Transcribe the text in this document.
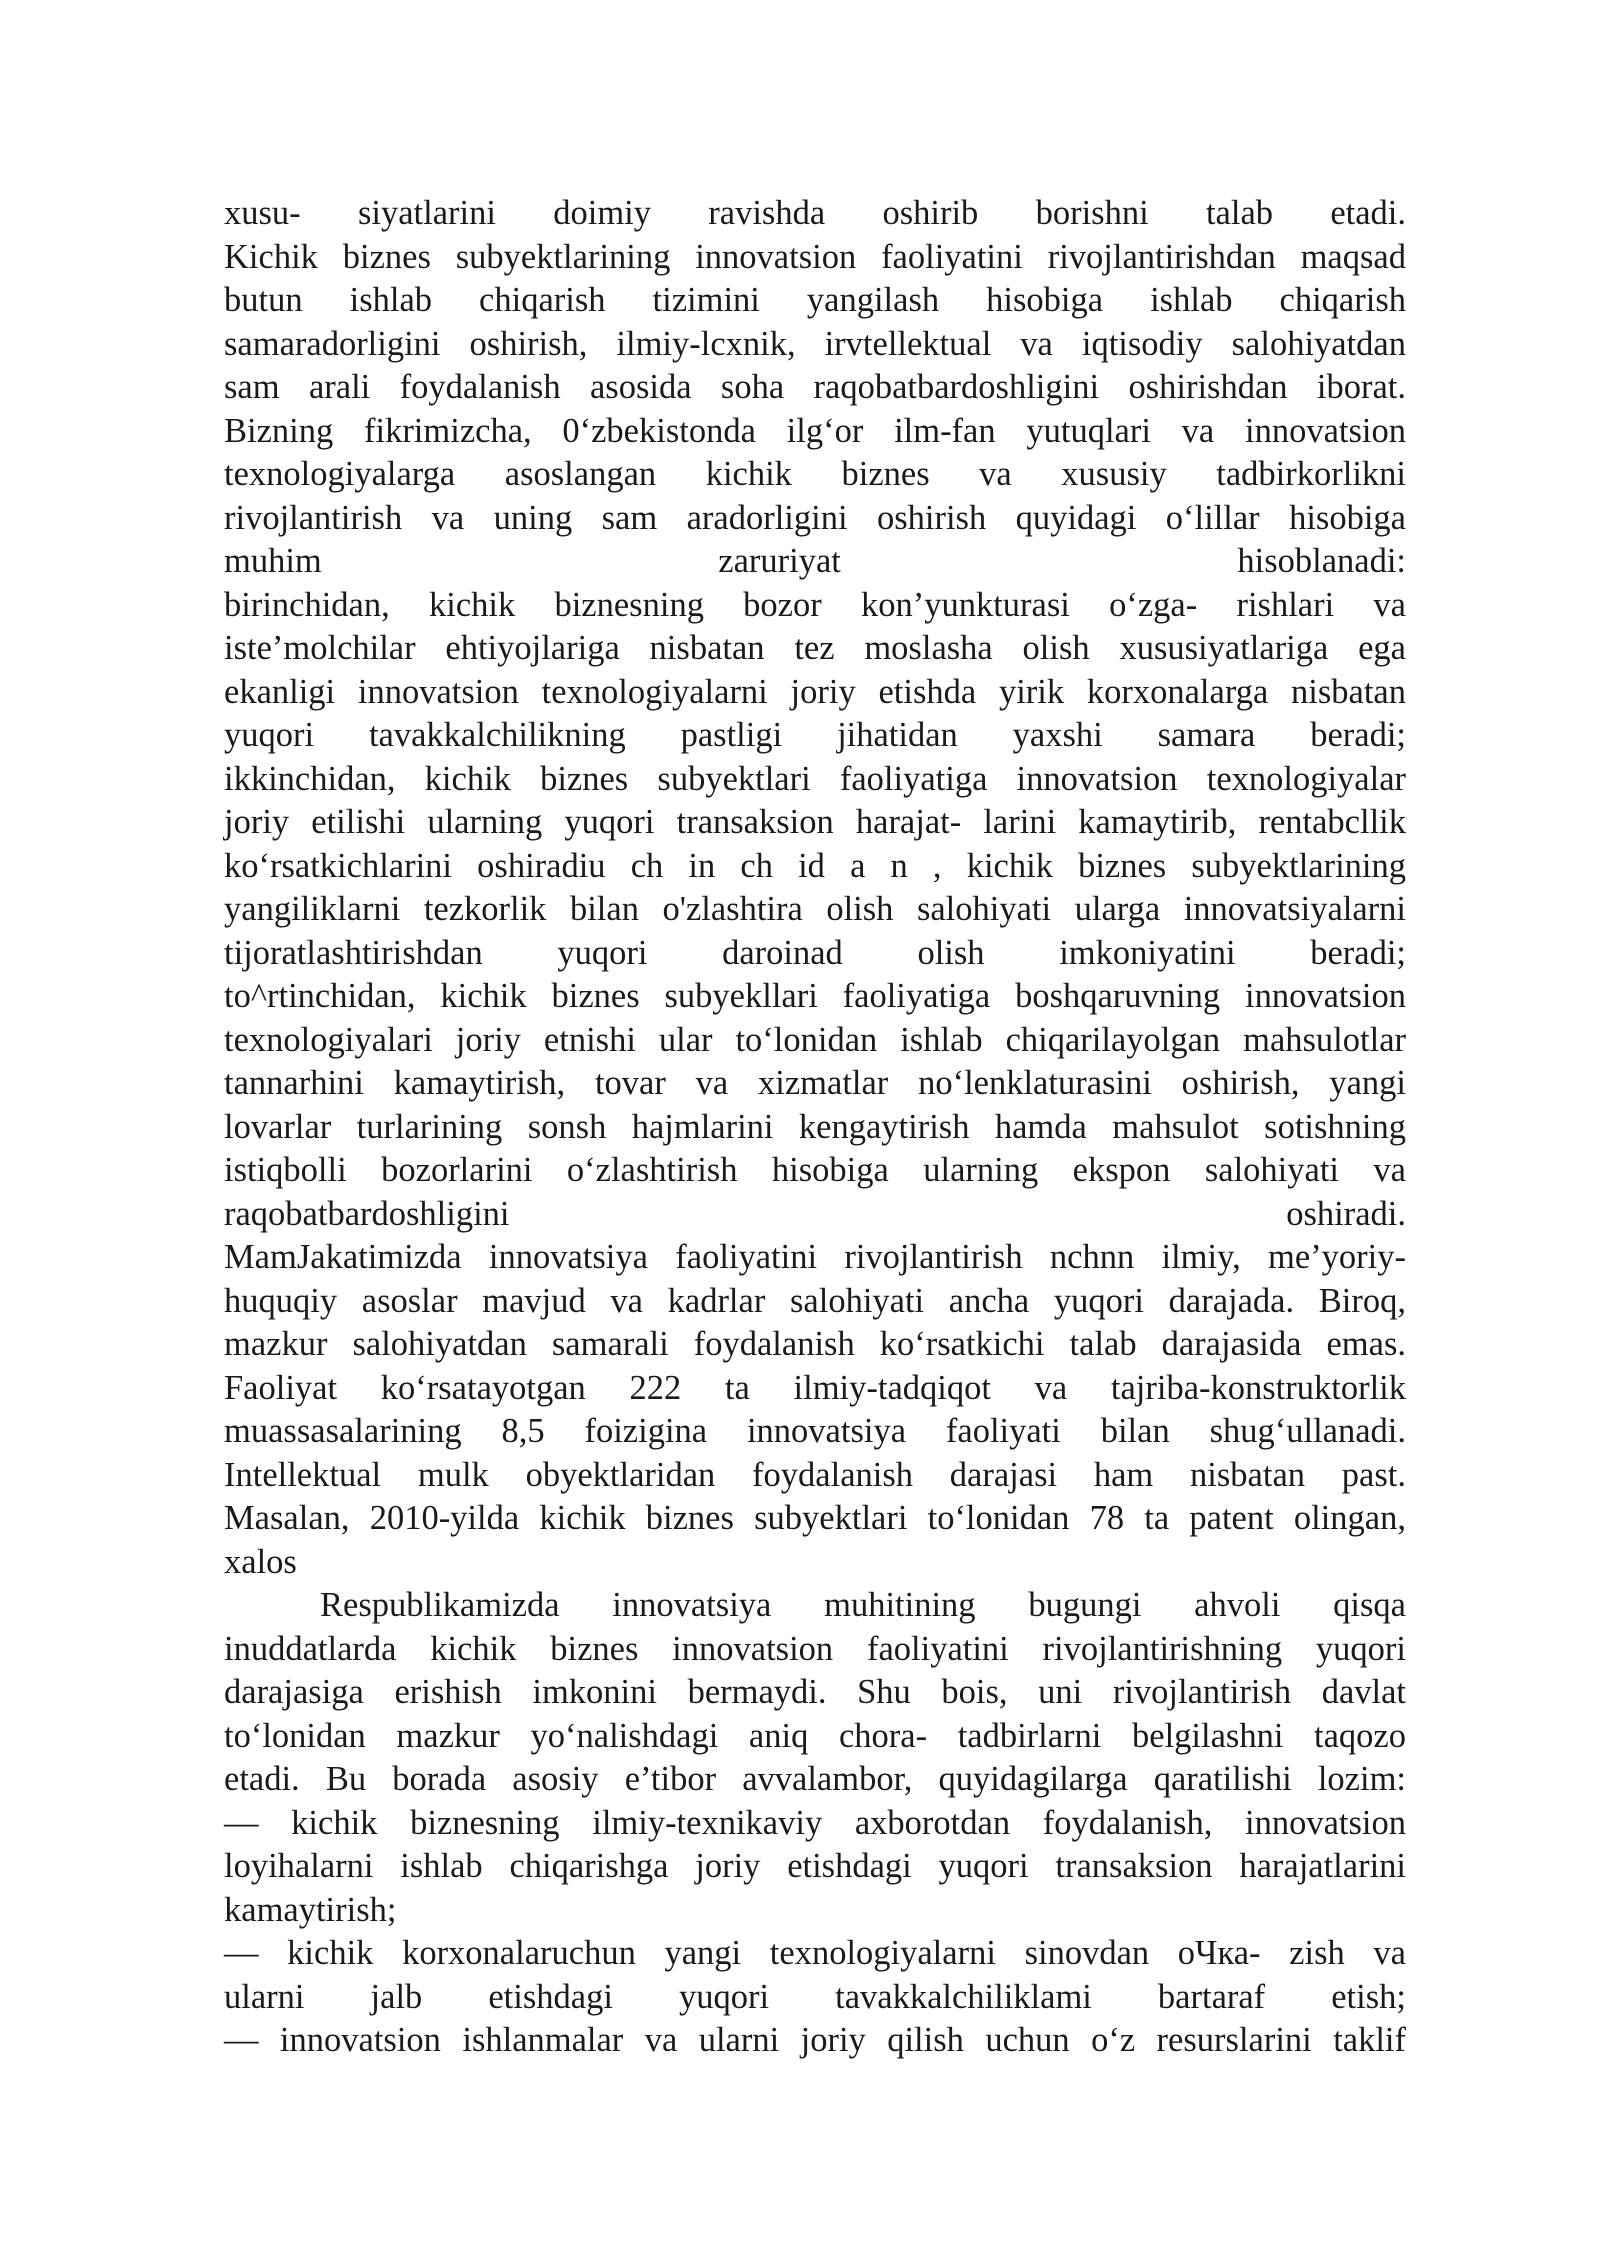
xusu- siyatlarini doimiy ravishda oshirib borishni talab etadi.
Kichik biznes subyektlarining innovatsion faoliyatini rivojlantirishdan maqsad
butun ishlab chiqarish tizimini yangilash hisobiga ishlab chiqarish
samaradorligini oshirish, ilmiy-lcxnik, irvtellektual va iqtisodiy salohiyatdan
sam arali foydalanish asosida soha raqobatbardoshligini oshirishdan iborat.
Bizning fikrimizcha, 0‘zbekistonda ilg‘or ilm-fan yutuqlari va innovatsion
texnologiyalarga asoslangan kichik biznes va xususiy tadbirkorlikni
rivojlantirish va uning sam aradorligini oshirish quyidagi o‘lillar hisobiga
muhim zaruriyat hisoblanadi:
birinchidan, kichik biznesning bozor kon’yunkturasi o‘zga- rishlari va
iste’molchilar ehtiyojlariga nisbatan tez moslasha olish xususiyatlariga ega
ekanligi innovatsion texnologiyalarni joriy etishda yirik korxonalarga nisbatan
yuqori tavakkalchilikning pastligi jihatidan yaxshi samara beradi;
ikkinchidan, kichik biznes subyektlari faoliyatiga innovatsion texnologiyalar
joriy etilishi ularning yuqori transaksion harajat- larini kamaytirib, rentabcllik
ko‘rsatkichlarini oshiradiu ch in ch id a n , kichik biznes subyektlarining
yangiliklarni tezkorlik bilan o'zlashtira olish salohiyati ularga innovatsiyalarni
tijoratlashtirishdan yuqori daroinad olish imkoniyatini beradi;
to^rtinchidan, kichik biznes subyekllari faoliyatiga boshqaruvning innovatsion
texnologiyalari joriy etnishi ular to‘lonidan ishlab chiqarilayolgan mahsulotlar
tannarhini kamaytirish, tovar va xizmatlar no‘lenklaturasini oshirish, yangi
lovarlar turlarining sonsh hajmlarini kengaytirish hamda mahsulot sotishning
istiqbolli bozorlarini o‘zlashtirish hisobiga ularning ekspon salohiyati va
raqobatbardoshligini oshiradi.
MamJakatimizda innovatsiya faoliyatini rivojlantirish nchnn ilmiy, me’yoriy-
huquqiy asoslar mavjud va kadrlar salohiyati ancha yuqori darajada. Biroq,
mazkur salohiyatdan samarali foydalanish ko‘rsatkichi talab darajasida emas.
Faoliyat ko‘rsatayotgan 222 ta ilmiy-tadqiqot va tajriba-konstruktorlik
muassasalarining 8,5 foizigina innovatsiya faoliyati bilan shug‘ullanadi.
Intellektual mulk obyektlaridan foydalanish darajasi ham nisbatan past.
Masalan, 2010-yilda kichik biznes subyektlari to‘lonidan 78 ta patent olingan,
xalos
Respublikamizda innovatsiya muhitining bugungi ahvoli qisqa
inuddatlarda kichik biznes innovatsion faoliyatini rivojlantirishning yuqori
darajasiga erishish imkonini bermaydi. Shu bois, uni rivojlantirish davlat
to‘lonidan mazkur yo‘nalishdagi aniq chora- tadbirlarni belgilashni taqozo
etadi. Bu borada asosiy e’tibor avvalambor, quyidagilarga qaratilishi lozim:
— kichik biznesning ilmiy-texnikaviy axborotdan foydalanish, innovatsion
loyihalarni ishlab chiqarishga joriy etishdagi yuqori transaksion harajatlarini
kamaytirish;
— kichik korxonalaruchun yangi texnologiyalarni sinovdan oЧка- zish va
ularni jalb etishdagi yuqori tavakkalchiliklami bartaraf etish;
— innovatsion ishlanmalar va ularni joriy qilish uchun o‘z resurslarini taklif
